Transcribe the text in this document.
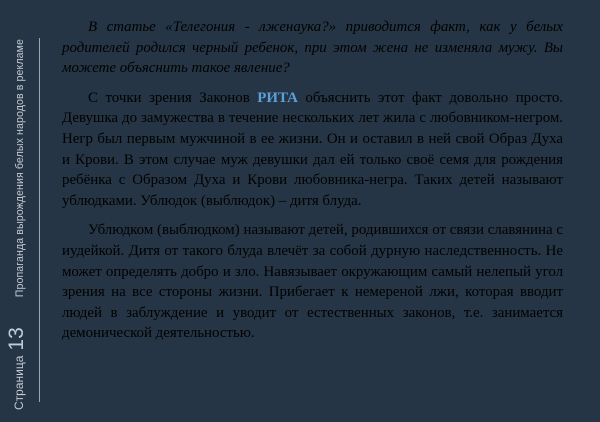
Страница
13
Пропаганда вырождения белых народов в рекламе

В статье «Телегония - лженаука?» приводится факт, как у белых родителей родился черный ребенок, при этом жена не изменяла мужу. Вы можете объяснить такое явление?

С точки зрения Законов РИТА объяснить этот факт довольно просто. Девушка до замужества в течение нескольких лет жила с любовником-негром. Негр был первым мужчиной в ее жизни. Он и оставил в ней свой Образ Духа и Крови. В этом случае муж девушки дал ей только своё семя для рождения ребёнка с Образом Духа и Крови любовника-негра. Таких детей называют ублюдками. Ублюдок (выблюдок) – дитя блуда.

Ублюдком (выблюдком) называют детей, родившихся от связи славянина с иудейкой. Дитя от такого блуда влечёт за собой дурную наследственность. Не может определять добро и зло. Навязывает окружающим самый нелепый угол зрения на все стороны жизни. Прибегает к немереной лжи, которая вводит людей в заблуждение и уводит от естественных законов, т.е. занимается демонической деятельностью.
